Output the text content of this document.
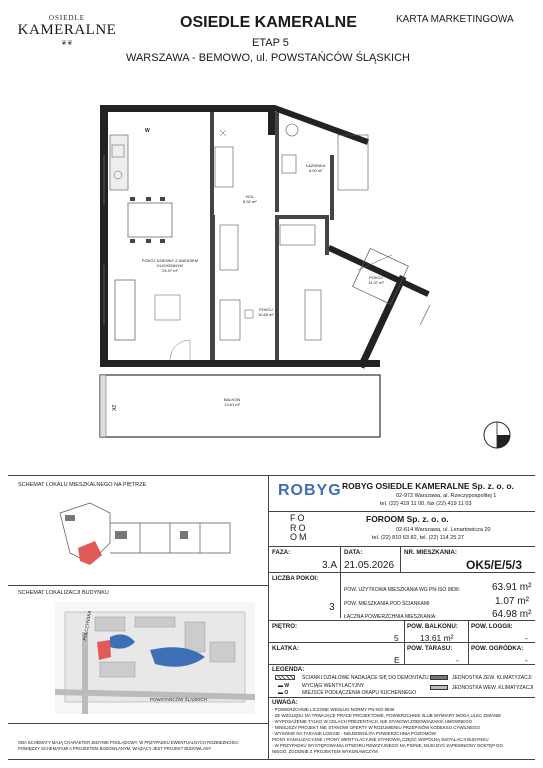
OSIEDLE
KAMERALNE
❦❦
OSIEDLE KAMERALNE	KARTA MARKETINGOWA
ETAP 5
WARSZAWA - BEMOWO, ul. POWSTAŃCÓW ŚLĄSKICH
W
ZK
POKÓJ DZIENNY Z ANEKSEM KUCHENNYM
24.97 m²
HOL
8.92 m²
ŁAZIENKA
5.00 m²
POKÓJ
10.65 m²
POKÓJ
14.37 m²
BALKON
13.61 m²
SCHEMAT LOKALU MIESZKALNEGO NA PIĘTRZE
SCHEMAT LOKALIZACJI BUDYNKU
POWSTAŃCÓW ŚLĄSKICH
POLCZYŃSKA
OBA SCHEMATY MAJĄ CHARAKTER JEDYNIE POGLĄDOWY. W PRZYPADKU EWENTUALNYCH ROZBIEŻNOŚCI
POMIĘDZY SCHEMATAMI A PROJEKTEM BUDOWLANYM, WIĄŻĄCY JEST PROJEKT BUDOWLANY
ROBYG ROBYG OSIEDLE KAMERALNE Sp. z. o. o.
02-972 Warszawa, al. Rzeczypospolitej 1
tel. (22) 419 11 00, fax (22) 419 11 03
FO
RO
OM
FOROOM Sp. z. o. o.
02-614 Warszawa, ul. Lenartowicza 20
tel. (22) 810 63 82, tel. (22) 114 25 27
FAZA:
3.A
DATA:
21.05.2026
NR. MIESZKANIA:
OK5/E/5/3
LICZBA POKOI:
3
POW. UŻYTKOWA MIESZKANIA WG PN-ISO 9836:	63.91 m²
POW. MIESZKANIA POD ŚCIANKAMI	1.07 m²
ŁĄCZNA POWIERZCHNIA MIESZKANIA:	64.98 m²
PIĘTRO:
5
POW. BALKONU:
13.61 m²
POW. LOGGII:
-
KLATKA:
E
POW. TARASU:
-
POW. OGRÓDKA:
-
LEGENDA:
ŚCIANKI DZIAŁOWE NADAJĄCE SIĘ DO DEMONTAŻU
▬ W	WYCIĄG WENTYLACYJNY
▬ O	MIEJSCE PODŁĄCZENIA OKAPU KUCHENNEGO
JEDNOSTKA ZEW. KLIMATYZACJI
JEDNOSTKA WEW. KLIMATYZACJI
UWAGA:
- POWIERZCHNIE LICZONE WEDŁUG NORMY PN-ISO 9836
- ZE WZGLĘDU NA TRWAJĄCE PRACE PROJEKTOWE, POWIERZCHNIE I/LUB WYMIARY MOGĄ ULEC ZMIANIE
- WYPOSAŻENIE TYLKO W CELACH PREZENTACJI, NIE STANOWI ZOBOWIĄZANIA UMOWNEGO
- NINIEJSZY PROJEKT NIE STANOWI OFERTY W ROZUMIENIU PRZEPISÓW KODEKSU CYWILNEGO
- WYSOKIE NA TARASIE LOGGIE - NIEJEDNOLITA POWIERZCHNIA POZIOMÓW
PIONY KANALIZACYJNE I PIONY WENTYLACYJNE STANOWIĄ CZĘŚĆ WSPÓLNĄ INSTALACJI BUDYNKU
- W PRZYPADKU WYSTĘPOWANIA OTWORU REWIZYJNEGO NA PIONIE, MUSI BYĆ ZAPEWNIONY DOSTĘP DO
NIEGO, ZGODNIE Z PROJEKTEM WYKONAWCZYM
